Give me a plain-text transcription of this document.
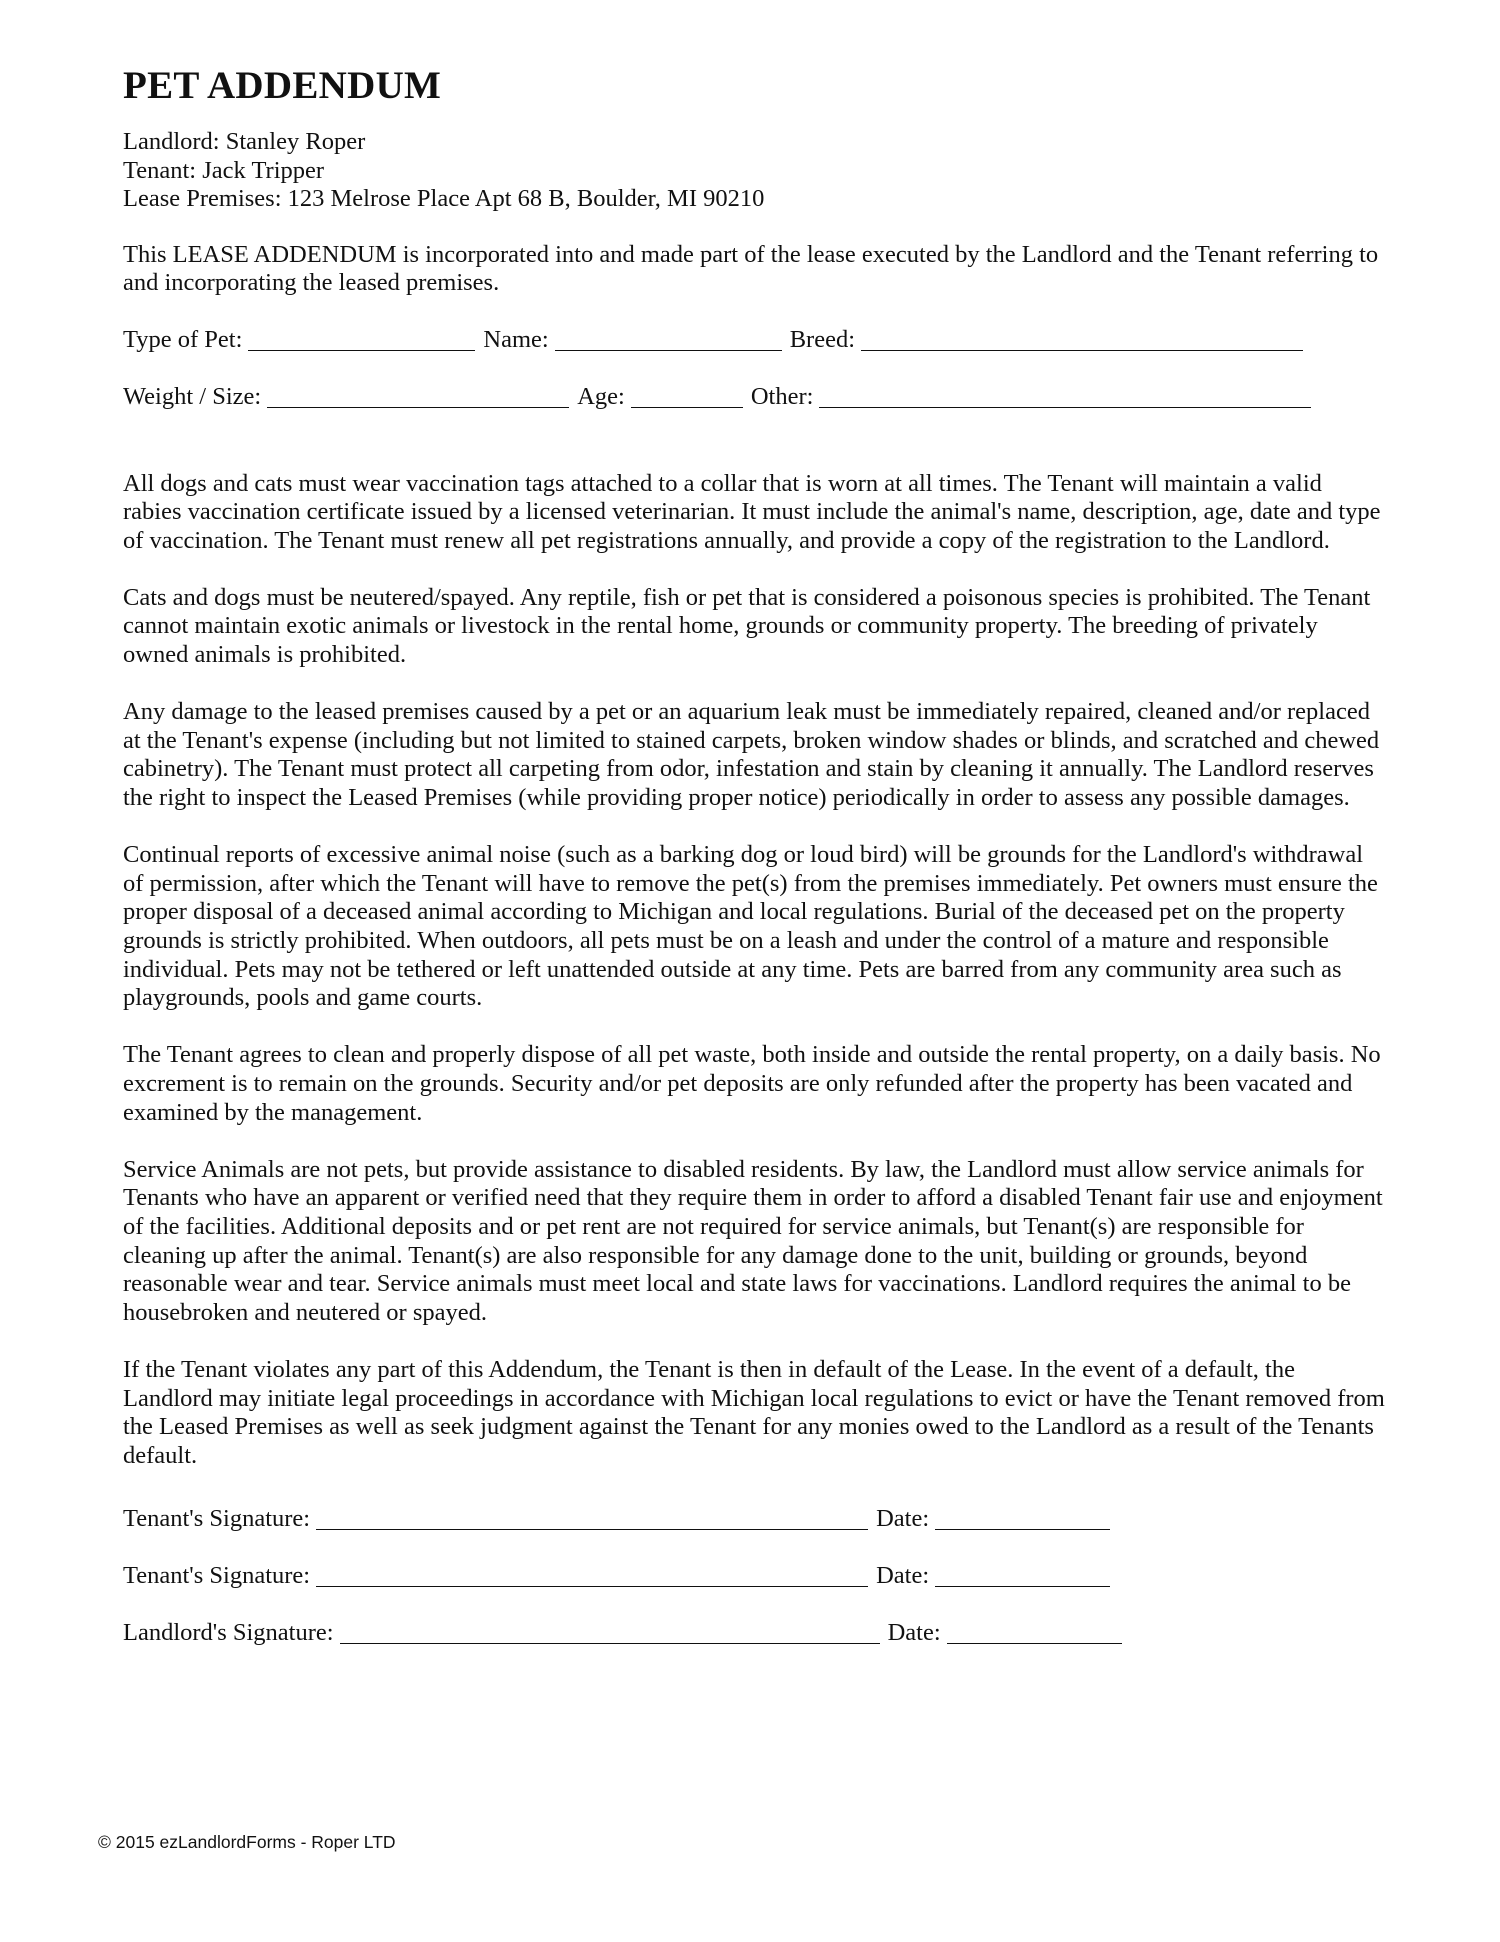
PET ADDENDUM
Landlord: Stanley Roper
Tenant: Jack Tripper
Lease Premises: 123 Melrose Place Apt 68 B, Boulder, MI 90210
This LEASE ADDENDUM is incorporated into and made part of the lease executed by the Landlord and the Tenant referring to and incorporating the leased premises.
Type of Pet:	Name:	Breed:
Weight / Size:	Age:	Other:

All dogs and cats must wear vaccination tags attached to a collar that is worn at all times. The Tenant will maintain a valid rabies vaccination certificate issued by a licensed veterinarian. It must include the animal's name, description, age, date and type of vaccination. The Tenant must renew all pet registrations annually, and provide a copy of the registration to the Landlord.

Cats and dogs must be neutered/spayed. Any reptile, fish or pet that is considered a poisonous species is prohibited. The Tenant cannot maintain exotic animals or livestock in the rental home, grounds or community property. The breeding of privately owned animals is prohibited.

Any damage to the leased premises caused by a pet or an aquarium leak must be immediately repaired, cleaned and/or replaced at the Tenant's expense (including but not limited to stained carpets, broken window shades or blinds, and scratched and chewed cabinetry). The Tenant must protect all carpeting from odor, infestation and stain by cleaning it annually. The Landlord reserves the right to inspect the Leased Premises (while providing proper notice) periodically in order to assess any possible damages.

Continual reports of excessive animal noise (such as a barking dog or loud bird) will be grounds for the Landlord's withdrawal of permission, after which the Tenant will have to remove the pet(s) from the premises immediately. Pet owners must ensure the proper disposal of a deceased animal according to Michigan and local regulations. Burial of the deceased pet on the property grounds is strictly prohibited. When outdoors, all pets must be on a leash and under the control of a mature and responsible individual. Pets may not be tethered or left unattended outside at any time. Pets are barred from any community area such as playgrounds, pools and game courts.

The Tenant agrees to clean and properly dispose of all pet waste, both inside and outside the rental property, on a daily basis. No excrement is to remain on the grounds. Security and/or pet deposits are only refunded after the property has been vacated and examined by the management.

Service Animals are not pets, but provide assistance to disabled residents. By law, the Landlord must allow service animals for Tenants who have an apparent or verified need that they require them in order to afford a disabled Tenant fair use and enjoyment of the facilities. Additional deposits and or pet rent are not required for service animals, but Tenant(s) are responsible for cleaning up after the animal. Tenant(s) are also responsible for any damage done to the unit, building or grounds, beyond reasonable wear and tear. Service animals must meet local and state laws for vaccinations. Landlord requires the animal to be housebroken and neutered or spayed.

If the Tenant violates any part of this Addendum, the Tenant is then in default of the Lease. In the event of a default, the Landlord may initiate legal proceedings in accordance with Michigan local regulations to evict or have the Tenant removed from the Leased Premises as well as seek judgment against the Tenant for any monies owed to the Landlord as a result of the Tenants default.

Tenant's Signature:	Date:
Tenant's Signature:	Date:
Landlord's Signature:	Date:
© 2015 ezLandlordForms - Roper LTD
